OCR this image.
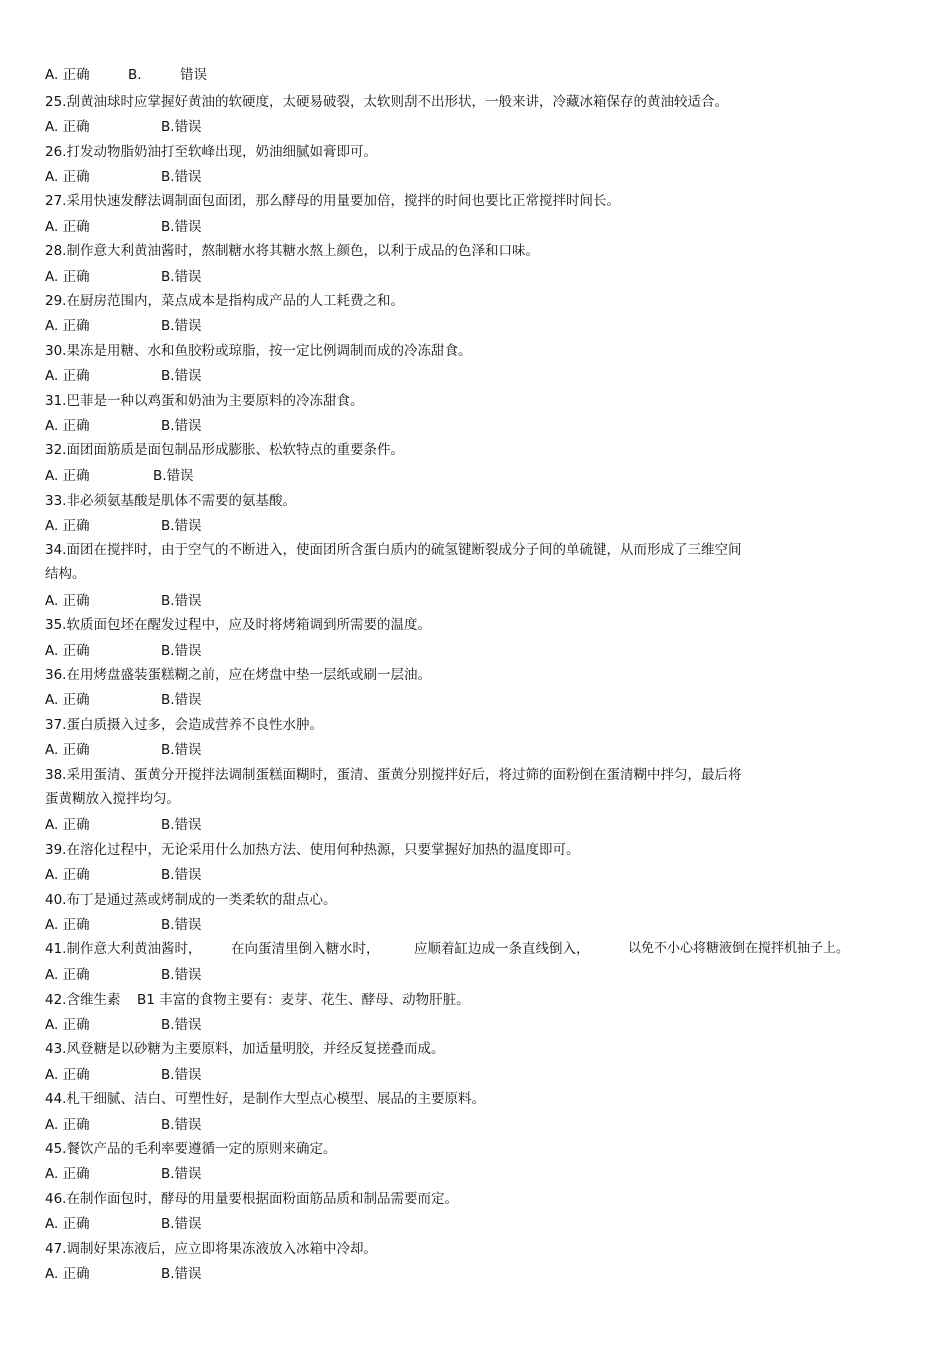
A. 正确	B.	错误
25.刮黄油球时应掌握好黄油的软硬度，太硬易破裂，太软则刮不出形状，一般来讲，冷藏冰箱保存的黄油较适合。
A. 正确	B.错误
26.打发动物脂奶油打至软峰出现，奶油细腻如膏即可。
A. 正确	B.错误
27.采用快速发酵法调制面包面团，那么酵母的用量要加倍，搅拌的时间也要比正常搅拌时间长。
A. 正确	B.错误
28.制作意大利黄油酱时，熬制糖水将其糖水熬上颜色，以利于成品的色泽和口味。
A. 正确	B.错误
29.在厨房范围内，菜点成本是指构成产品的人工耗费之和。
A. 正确	B.错误
30.果冻是用糖、水和鱼胶粉或琼脂，按一定比例调制而成的冷冻甜食。
A. 正确	B.错误
31.巴菲是一种以鸡蛋和奶油为主要原料的冷冻甜食。
A. 正确	B.错误
32.面团面筋质是面包制品形成膨胀、松软特点的重要条件。
A. 正确	B.错误
33.非必须氨基酸是肌体不需要的氨基酸。
A. 正确	B.错误
34.面团在搅拌时，由于空气的不断进入，使面团所含蛋白质内的硫氢键断裂成分子间的单硫键，从而形成了三维空间
结构。
A. 正确	B.错误
35.软质面包坯在醒发过程中，应及时将烤箱调到所需要的温度。
A. 正确	B.错误
36.在用烤盘盛装蛋糕糊之前，应在烤盘中垫一层纸或刷一层油。
A. 正确	B.错误
37.蛋白质摄入过多，会造成营养不良性水肿。
A. 正确	B.错误
38.采用蛋清、蛋黄分开搅拌法调制蛋糕面糊时，蛋清、蛋黄分别搅拌好后，将过筛的面粉倒在蛋清糊中拌匀，最后将
蛋黄糊放入搅拌均匀。
A. 正确	B.错误
39.在溶化过程中，无论采用什么加热方法、使用何种热源，只要掌握好加热的温度即可。
A. 正确	B.错误
40.布丁是通过蒸或烤制成的一类柔软的甜点心。
A. 正确	B.错误
41.制作意大利黄油酱时， 在向蛋清里倒入糖水时，	应顺着缸边成一条直线倒入，	以免不小心将糖液倒在搅拌机抽子上。
A. 正确	B.错误
42.含维生素 B1 丰富的食物主要有：麦芽、花生、酵母、动物肝脏。
A. 正确	B.错误
43.风登糖是以砂糖为主要原料，加适量明胶，并经反复搓叠而成。
A. 正确	B.错误
44.札干细腻、洁白、可塑性好，是制作大型点心模型、展品的主要原料。
A. 正确	B.错误
45.餐饮产品的毛利率要遵循一定的原则来确定。
A. 正确	B.错误
46.在制作面包时，酵母的用量要根据面粉面筋品质和制品需要而定。
A. 正确	B.错误
47.调制好果冻液后，应立即将果冻液放入冰箱中冷却。
A. 正确	B.错误
